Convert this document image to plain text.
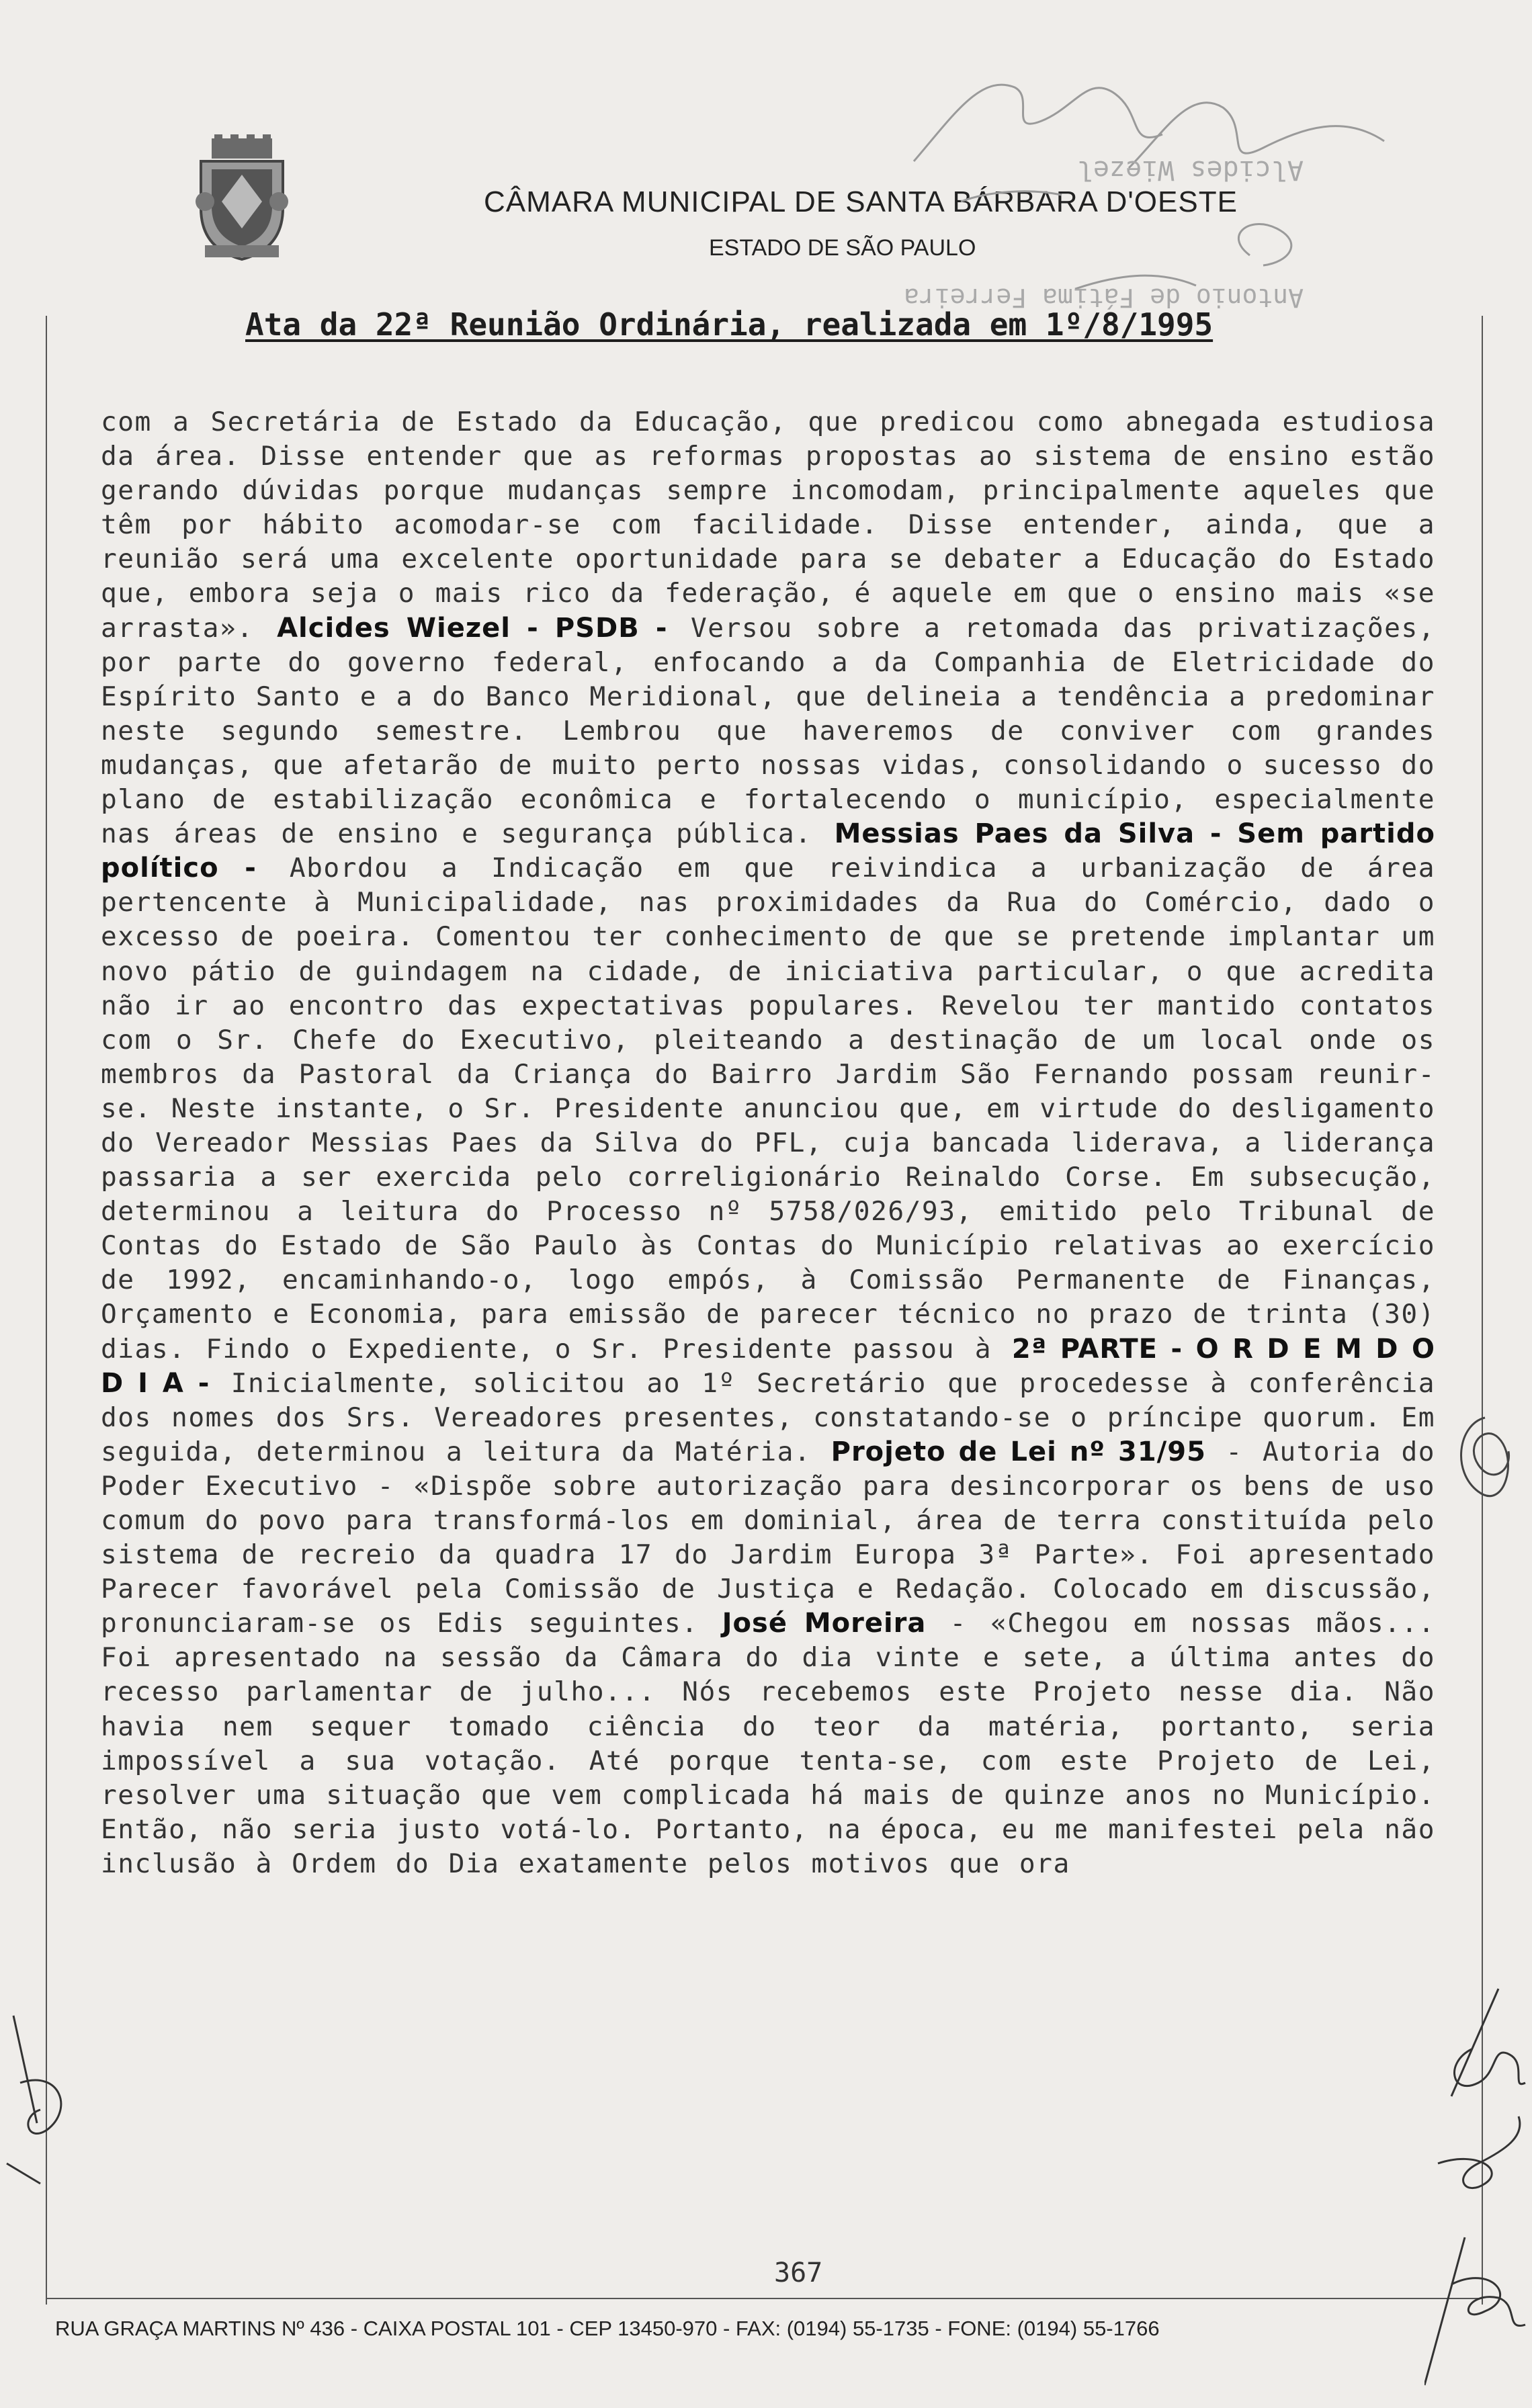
CÂMARA MUNICIPAL DE SANTA BÁRBARA D'OESTE
ESTADO DE SÃO PAULO
Alcides Wiezel
Antonio de Fátima Ferreira
Ata da 22ª Reunião Ordinária, realizada em 1º/8/1995

com a Secretária de Estado da Educação, que predicou como abnegada estudiosa da área. Disse entender que as reformas propostas ao sistema de ensino estão gerando dúvidas porque mudanças sempre incomodam, principalmente aqueles que têm por hábito acomodar-se com facilidade. Disse entender, ainda, que a reunião será uma excelente oportunidade para se debater a Educação do Estado que, embora seja o mais rico da federação, é aquele em que o ensino mais «se arrasta». Alcides Wiezel - PSDB - Versou sobre a retomada das privatizações, por parte do governo federal, enfocando a da Companhia de Eletricidade do Espírito Santo e a do Banco Meridional, que delineia a tendência a predominar neste segundo semestre. Lembrou que haveremos de conviver com grandes mudanças, que afetarão de muito perto nossas vidas, consolidando o sucesso do plano de estabilização econômica e fortalecendo o município, especialmente nas áreas de ensino e segurança pública. Messias Paes da Silva - Sem partido político - Abordou a Indicação em que reivindica a urbanização de área pertencente à Municipalidade, nas proximidades da Rua do Comércio, dado o excesso de poeira. Comentou ter conhecimento de que se pretende implantar um novo pátio de guindagem na cidade, de iniciativa particular, o que acredita não ir ao encontro das expectativas populares. Revelou ter mantido contatos com o Sr. Chefe do Executivo, pleiteando a destinação de um local onde os membros da Pastoral da Criança do Bairro Jardim São Fernando possam reunir-se. Neste instante, o Sr. Presidente anunciou que, em virtude do desligamento do Vereador Messias Paes da Silva do PFL, cuja bancada liderava, a liderança passaria a ser exercida pelo correligionário Reinaldo Corse. Em subsecução, determinou a leitura do Processo nº 5758/026/93, emitido pelo Tribunal de Contas do Estado de São Paulo às Contas do Município relativas ao exercício de 1992, encaminhando-o, logo empós, à Comissão Permanente de Finanças, Orçamento e Economia, para emissão de parecer técnico no prazo de trinta (30) dias. Findo o Expediente, o Sr. Presidente passou à 2ª PARTE - O R D E M D O D I A - Inicialmente, solicitou ao 1º Secretário que procedesse à conferência dos nomes dos Srs. Vereadores presentes, constatando-se o príncipe quorum. Em seguida, determinou a leitura da Matéria. Projeto de Lei nº 31/95 - Autoria do Poder Executivo - «Dispõe sobre autorização para desincorporar os bens de uso comum do povo para transformá-los em dominial, área de terra constituída pelo sistema de recreio da quadra 17 do Jardim Europa 3ª Parte». Foi apresentado Parecer favorável pela Comissão de Justiça e Redação. Colocado em discussão, pronunciaram-se os Edis seguintes. José Moreira - «Chegou em nossas mãos... Foi apresentado na sessão da Câmara do dia vinte e sete, a última antes do recesso parlamentar de julho... Nós recebemos este Projeto nesse dia. Não havia nem sequer tomado ciência do teor da matéria, portanto, seria impossível a sua votação. Até porque tenta-se, com este Projeto de Lei, resolver uma situação que vem complicada há mais de quinze anos no Município. Então, não seria justo votá-lo. Portanto, na época, eu me manifestei pela não inclusão à Ordem do Dia exatamente pelos motivos que ora

367
RUA GRAÇA MARTINS Nº 436 - CAIXA POSTAL 101 - CEP 13450-970 - FAX: (0194) 55-1735 - FONE: (0194) 55-1766
